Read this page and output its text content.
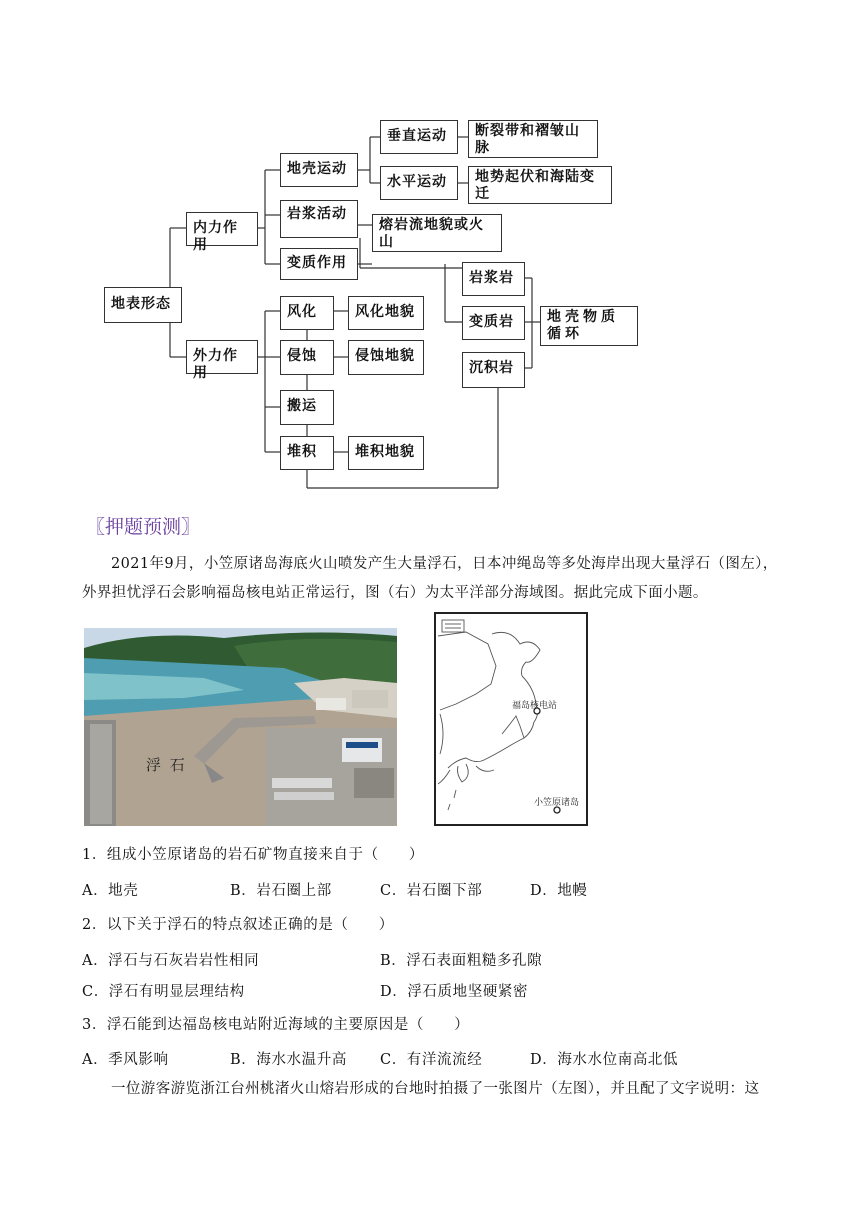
地表形态
内力作用
外力作用
地壳运动
岩浆活动
变质作用
垂直运动
水平运动
断裂带和褶皱山脉
地势起伏和海陆变迁
熔岩流地貌或火山
风化
侵蚀
搬运
堆积
风化地貌
侵蚀地貌
堆积地貌
岩浆岩
变质岩
沉积岩
地壳物质循环
〖押题预测〗
2021年9月，小笠原诸岛海底火山喷发产生大量浮石，日本冲绳岛等多处海岸出现大量浮石（图左），外界担忧浮石会影响福岛核电站正常运行，图（右）为太平洋部分海域图。据此完成下面小题。
浮 石
福岛核电站
小笠原诸岛
1．组成小笠原诸岛的岩石矿物直接来自于（　　）
A．地壳	B．岩石圈上部	C．岩石圈下部	D．地幔
2．以下关于浮石的特点叙述正确的是（　　）
A．浮石与石灰岩岩性相同	B．浮石表面粗糙多孔隙
C．浮石有明显层理结构	D．浮石质地坚硬紧密
3．浮石能到达福岛核电站附近海域的主要原因是（　　）
A．季风影响	B．海水水温升高 C．有洋流流经	D．海水水位南高北低
一位游客游览浙江台州桃渚火山熔岩形成的台地时拍摄了一张图片（左图），并且配了文字说明：这
